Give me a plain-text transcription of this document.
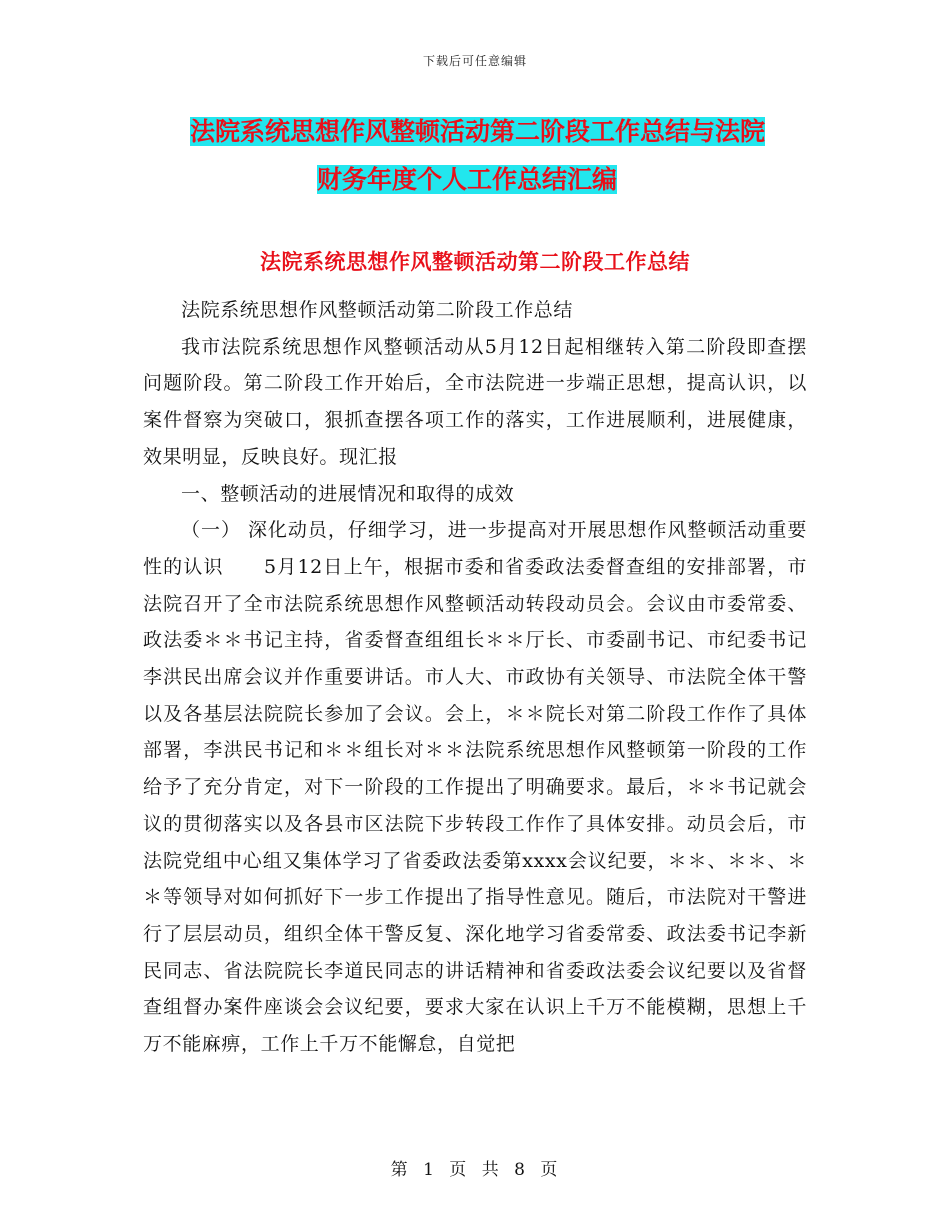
下载后可任意编辑
法院系统思想作风整顿活动第二阶段工作总结与法院
财务年度个人工作总结汇编
法院系统思想作风整顿活动第二阶段工作总结

法院系统思想作风整顿活动第二阶段工作总结

我市法院系统思想作风整顿活动从5月12日起相继转入第二阶段即查摆问题阶段。第二阶段工作开始后，全市法院进一步端正思想，提高认识，以案件督察为突破口，狠抓查摆各项工作的落实，工作进展顺利，进展健康，效果明显，反映良好。现汇报

一、整顿活动的进展情况和取得的成效

（一） 深化动员，仔细学习，进一步提高对开展思想作风整顿活动重要性的认识　　5月12日上午，根据市委和省委政法委督查组的安排部署，市法院召开了全市法院系统思想作风整顿活动转段动员会。会议由市委常委、政法委＊＊书记主持，省委督查组组长＊＊厅长、市委副书记、市纪委书记李洪民出席会议并作重要讲话。市人大、市政协有关领导、市法院全体干警以及各基层法院院长参加了会议。会上，＊＊院长对第二阶段工作作了具体部署，李洪民书记和＊＊组长对＊＊法院系统思想作风整顿第一阶段的工作给予了充分肯定，对下一阶段的工作提出了明确要求。最后，＊＊书记就会议的贯彻落实以及各县市区法院下步转段工作作了具体安排。动员会后，市法院党组中心组又集体学习了省委政法委第xxxx会议纪要，＊＊、＊＊、＊＊等领导对如何抓好下一步工作提出了指导性意见。随后，市法院对干警进行了层层动员，组织全体干警反复、深化地学习省委常委、政法委书记李新民同志、省法院院长李道民同志的讲话精神和省委政法委会议纪要以及省督查组督办案件座谈会会议纪要，要求大家在认识上千万不能模糊，思想上千万不能麻痹，工作上千万不能懈怠，自觉把

第 1 页 共 8 页
